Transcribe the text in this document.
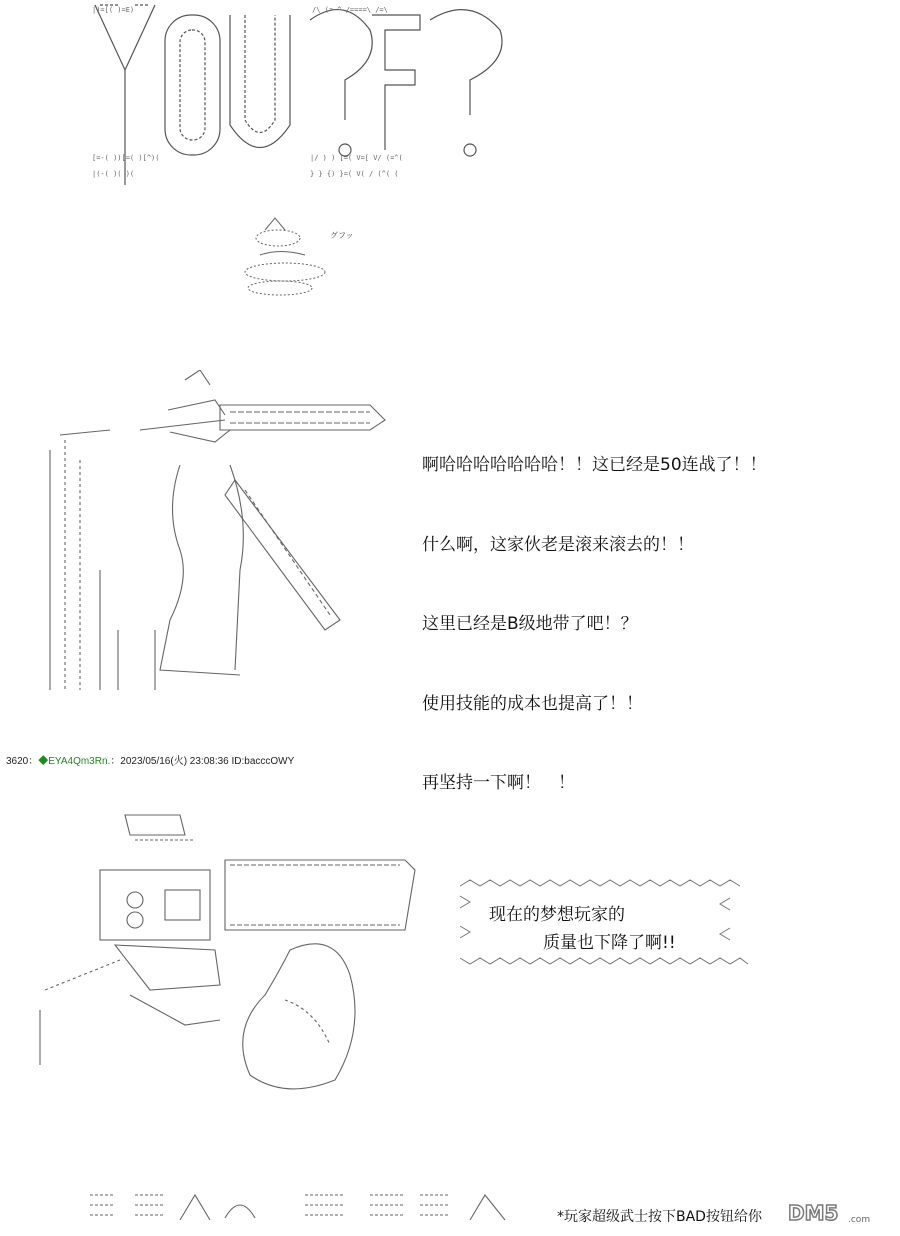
|)=[( )=E)	/\ (=-^ /====\ /=\
[=-( ))[=( )[^)(	|/ ) ) [=( V=[ V/ (=^(
|(-( )( )(	} } {) }=( V( / (^( (
グフッ

啊哈哈哈哈哈哈哈！！这已经是50连战了！！

什么啊，这家伙老是滚来滚去的！！

这里已经是B级地带了吧！？

使用技能的成本也提高了！！

再坚持一下啊！　！

3620：◆EYA4Qm3Rn.：2023/05/16(火) 23:08:36 ID:bacccOWY
现在的梦想玩家的
质量也下降了啊!!
*玩家超级武士按下BAD按钮给你 DM5 .com
